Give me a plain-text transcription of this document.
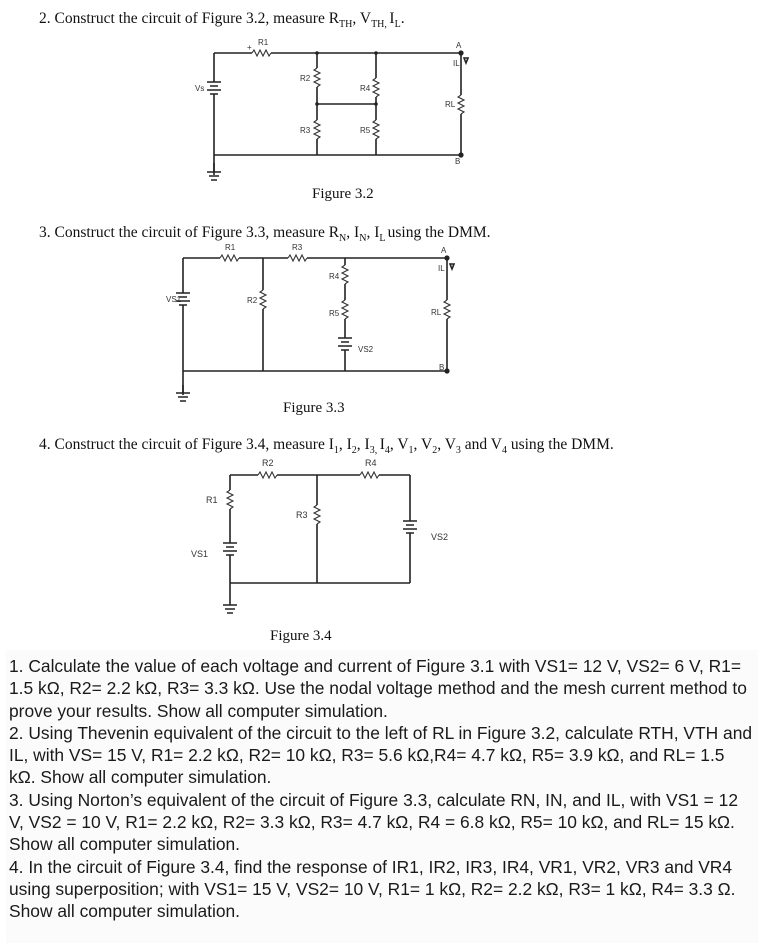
2. Construct the circuit of Figure 3.2, measure $R_{TH}$, $V_{TH,}$ $I_L$.
R1
+
Vs
R2
R3
R4
R5
RL
IL
A
B
Figure 3.2
3. Construct the circuit of Figure 3.3, measure $R_N$, $I_N$, $I_L$ using the DMM.
R1	R3
VS1	R2
R4
R5
VS2
RL
IL
A
B
Figure 3.3
4. Construct the circuit of Figure 3.4, measure $I_1$, $I_2$, $I_{3,}$ $I_4$, $V_1$, $V_2$, $V_3$ and $V_4$ using the DMM.
R2	R4
R1
VS1
R3
VS2
Figure 3.4

1. Calculate the value of each voltage and current of Figure 3.1 with VS1= 12 V, VS2= 6 V, R1= 1.5 kΩ, R2= 2.2 kΩ, R3= 3.3 kΩ. Use the nodal voltage method and the mesh current method to prove your results. Show all computer simulation.

2. Using Thevenin equivalent of the circuit to the left of RL in Figure 3.2, calculate RTH, VTH and IL, with VS= 15 V, R1= 2.2 kΩ, R2= 10 kΩ, R3= 5.6 kΩ,R4= 4.7 kΩ, R5= 3.9 kΩ, and RL= 1.5 kΩ. Show all computer simulation.

3. Using Norton’s equivalent of the circuit of Figure 3.3, calculate RN, IN, and IL, with VS1 = 12 V, VS2 = 10 V, R1= 2.2 kΩ, R2= 3.3 kΩ, R3= 4.7 kΩ, R4 = 6.8 kΩ, R5= 10 kΩ, and RL= 15 kΩ. Show all computer simulation.

4. In the circuit of Figure 3.4, find the response of IR1, IR2, IR3, IR4, VR1, VR2, VR3 and VR4 using superposition; with VS1= 15 V, VS2= 10 V, R1= 1 kΩ, R2= 2.2 kΩ, R3= 1 kΩ, R4= 3.3 Ω. Show all computer simulation.
